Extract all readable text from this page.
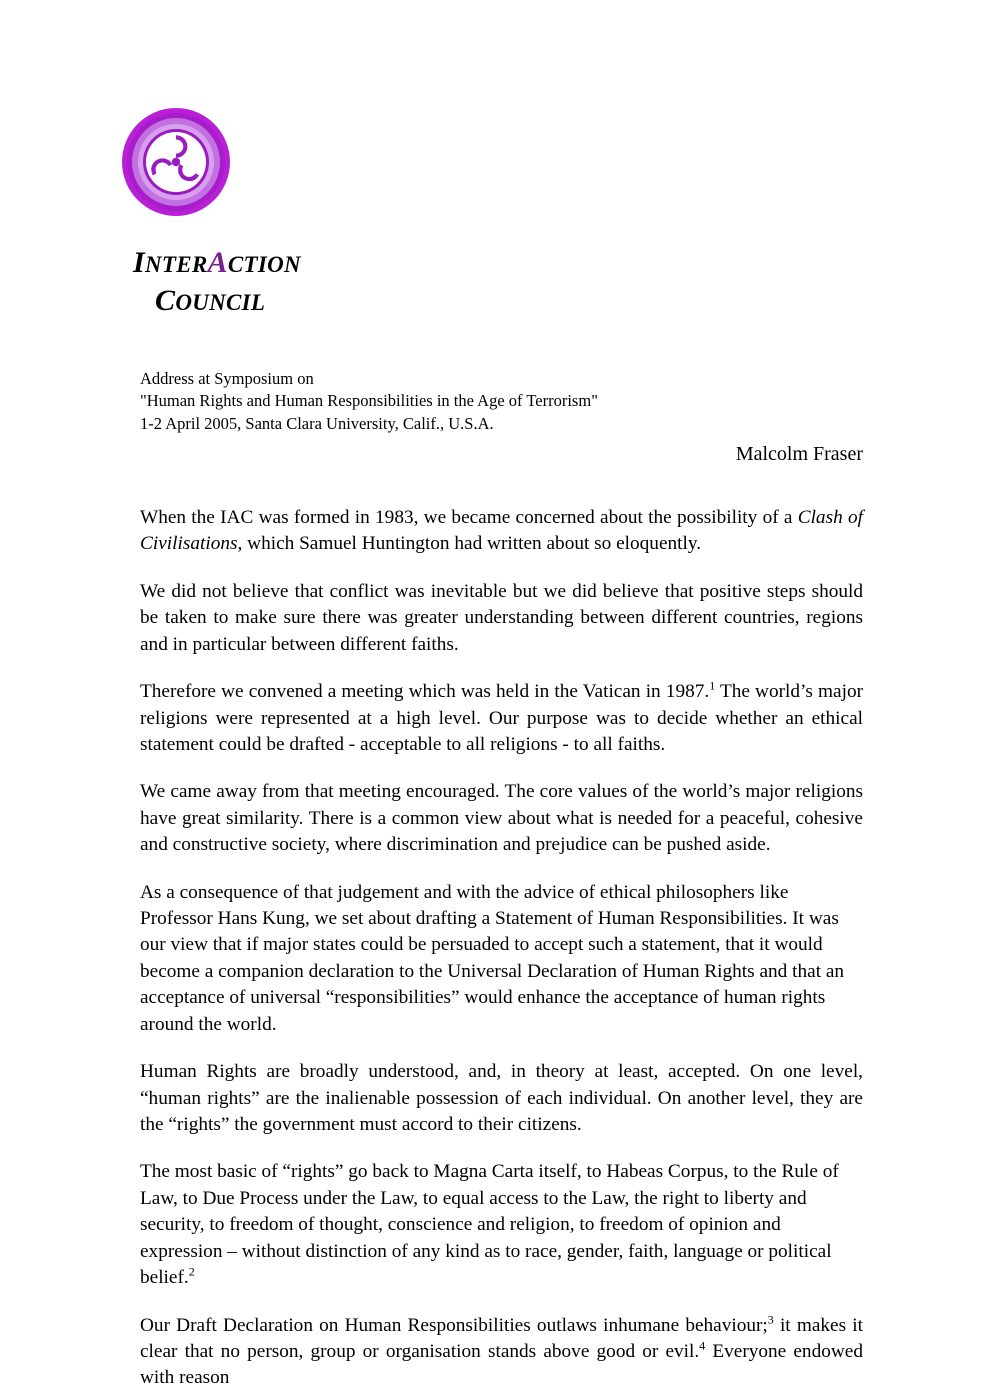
INTERACTION
COUNCIL
Address at Symposium on
"Human Rights and Human Responsibilities in the Age of Terrorism"
1-2 April 2005, Santa Clara University, Calif., U.S.A.
Malcolm Fraser

When the IAC was formed in 1983, we became concerned about the possibility of a Clash of Civilisations, which Samuel Huntington had written about so eloquently.

We did not believe that conflict was inevitable but we did believe that positive steps should be taken to make sure there was greater understanding between different countries, regions and in particular between different faiths.

Therefore we convened a meeting which was held in the Vatican in 1987.$^1$ The world’s major religions were represented at a high level. Our purpose was to decide whether an ethical statement could be drafted - acceptable to all religions - to all faiths.

We came away from that meeting encouraged. The core values of the world’s major religions have great similarity. There is a common view about what is needed for a peaceful, cohesive and constructive society, where discrimination and prejudice can be pushed aside.

As a consequence of that judgement and with the advice of ethical philosophers like Professor Hans Kung, we set about drafting a Statement of Human Responsibilities. It was our view that if major states could be persuaded to accept such a statement, that it would become a companion declaration to the Universal Declaration of Human Rights and that an acceptance of universal “responsibilities” would enhance the acceptance of human rights around the world.

Human Rights are broadly understood, and, in theory at least, accepted. On one level, “human rights” are the inalienable possession of each individual. On another level, they are the “rights” the government must accord to their citizens.

The most basic of “rights” go back to Magna Carta itself, to Habeas Corpus, to the Rule of Law, to Due Process under the Law, to equal access to the Law, the right to liberty and security, to freedom of thought, conscience and religion, to freedom of opinion and expression – without distinction of any kind as to race, gender, faith, language or political belief.$^2$

Our Draft Declaration on Human Responsibilities outlaws inhumane behaviour;$^3$ it makes it clear that no person, group or organisation stands above good or evil.$^4$ Everyone endowed with reason
